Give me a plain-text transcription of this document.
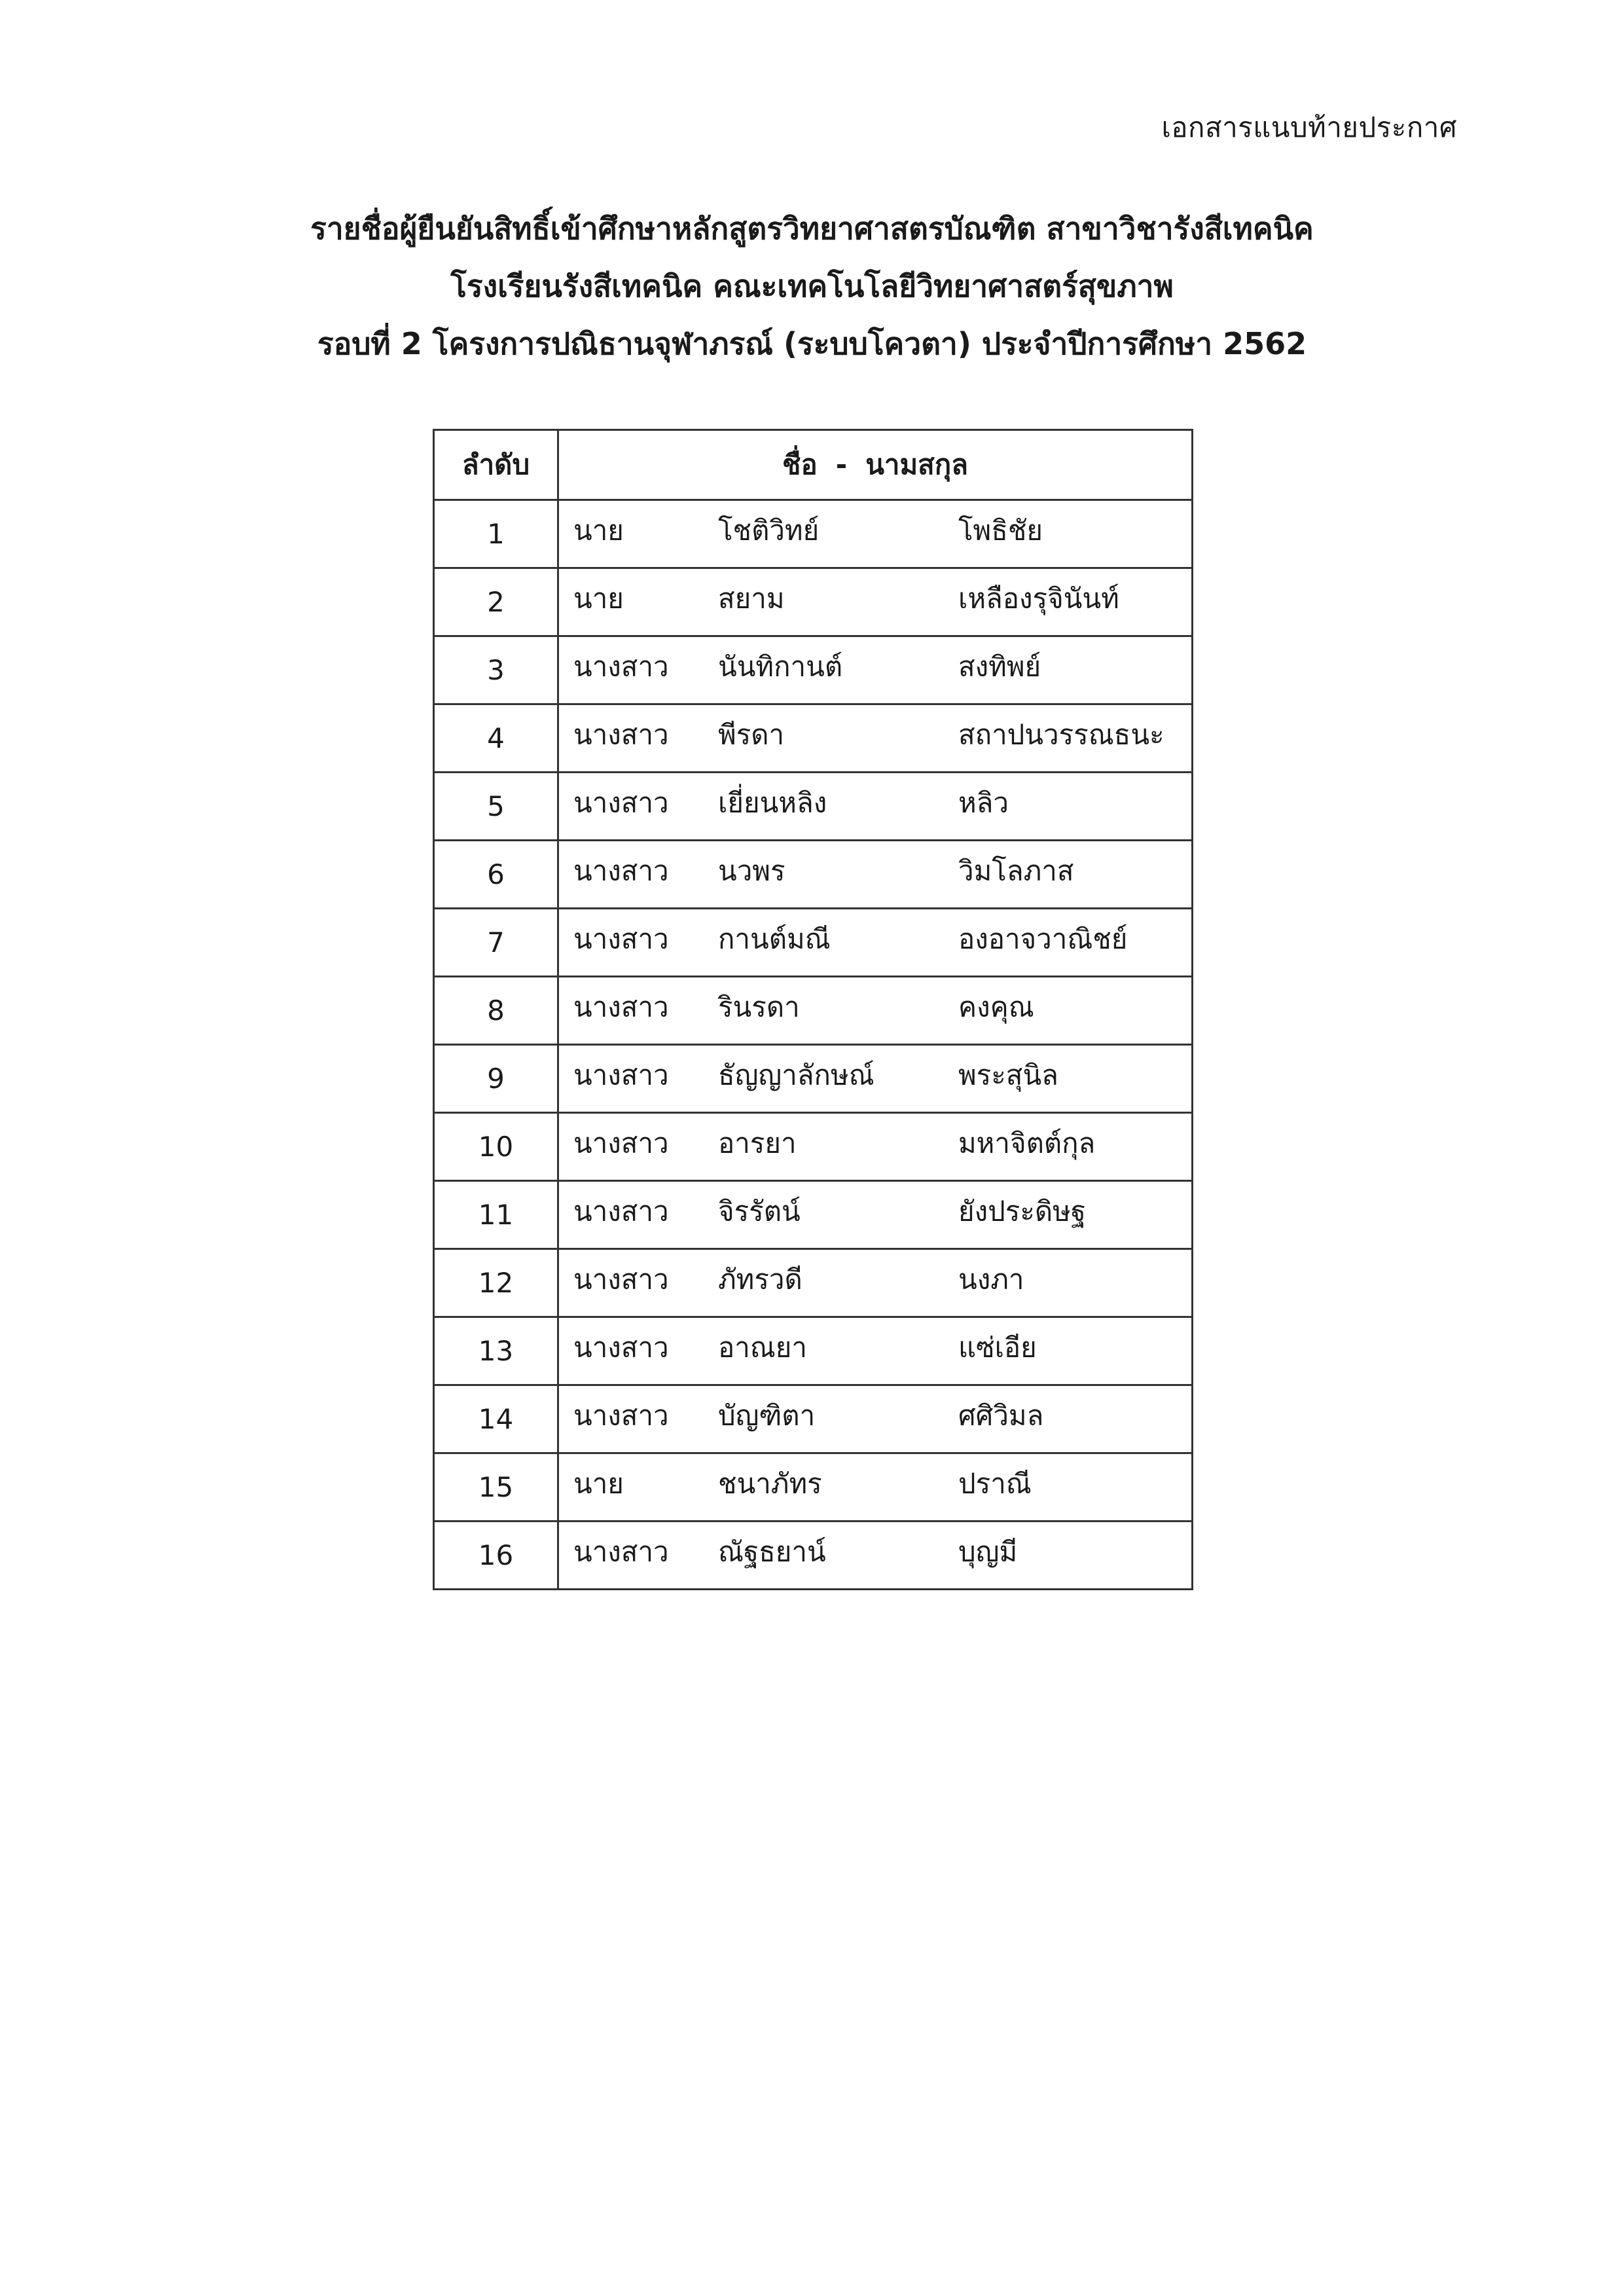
เอกสารแนบท้ายประกาศ
รายชื่อผู้ยืนยันสิทธิ์เข้าศึกษาหลักสูตรวิทยาศาสตรบัณฑิต สาขาวิชารังสีเทคนิค
โรงเรียนรังสีเทคนิค คณะเทคโนโลยีวิทยาศาสตร์สุขภาพ
รอบที่ 2 โครงการปณิธานจุฬาภรณ์ (ระบบโควตา) ประจำปีการศึกษา 2562
ลำดับ	ชื่อ - นามสกุล
1	นาย โชติวิทย์ โพธิชัย

2	นาย สยาม เหลืองรุจินันท์

3	นางสาว นันทิกานต์ สงทิพย์

4	นางสาว พีรดา สถาปนวรรณธนะ

5	นางสาว เยี่ยนหลิง หลิว

6	นางสาว นวพร วิมโลภาส

7	นางสาว กานต์มณี องอาจวาณิชย์

8	นางสาว รินรดา คงคุณ

9	นางสาว ธัญญาลักษณ์ พระสุนิล

10	นางสาว อารยา มหาจิตต์กุล

11	นางสาว จิรรัตน์ ยังประดิษฐ

12	นางสาว ภัทรวดี นงภา

13	นางสาว อาณยา แซ่เอีย

14	นางสาว บัญฑิตา ศศิวิมล

15	นาย ชนาภัทร ปราณี

16	นางสาว ณัฐธยาน์ บุญมี
